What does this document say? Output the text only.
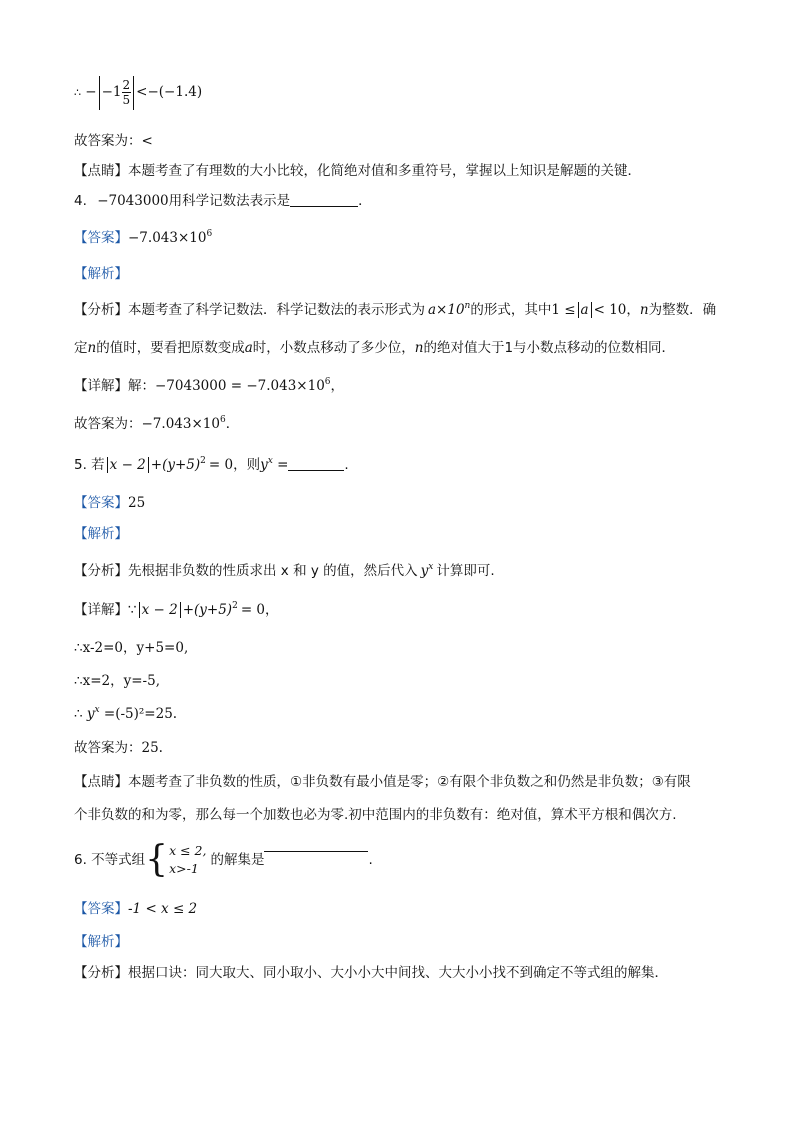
∴ − $-1 \frac{2}{5} <-(-1.4)$
故答案为：<
【点睛】本题考查了有理数的大小比较，化简绝对值和多重符号，掌握以上知识是解题的关键．
4. −7043000用科学记数法表示是	．
【答案】$-7.043\times 10^6$
【解析】
【分析】本题考查了科学记数法．科学记数法的表示形式为 $a\times 10^n$的形式，其中1 ≤ a < 10，n为整数．确
定n的值时，要看把原数变成a时，小数点移动了多少位，n的绝对值大于1与小数点移动的位数相同．
【详解】解：$-7043000 = -7.043\times 10^6$，
故答案为：$-7.043\times 10^6$．
5. 若 $x - 2 +(y+5)^2 = 0$，则$y^x$ =	.
【答案】25
【解析】
【分析】先根据非负数的性质求出 x 和 y 的值，然后代入 $y^x$ 计算即可.
【详解】∵ $x - 2 +(y+5)^2 = 0$，
∴x-2=0，y+5=0,
∴x=2，y=-5,
∴ $y^x =(-5)^2=25$.
故答案为：25.
【点睛】本题考查了非负数的性质，①非负数有最小值是零；②有限个非负数之和仍然是非负数；③有限
个非负数的和为零，那么每一个加数也必为零.初中范围内的非负数有：绝对值，算术平方根和偶次方.
6. 不等式组{ x ≤ 2,
x>-1
的解集是	.
【答案】-1 < x ≤ 2
【解析】
【分析】根据口诀：同大取大、同小取小、大小小大中间找、大大小小找不到确定不等式组的解集．
